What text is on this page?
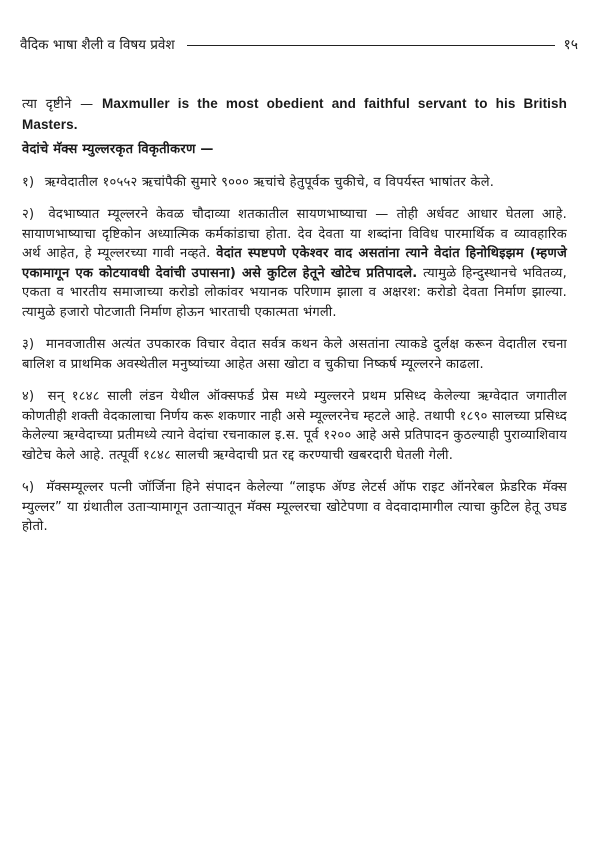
वैदिक भाषा शैली व विषय प्रवेश	१५

त्या दृष्टीने — Maxmuller is the most obedient and faithful servant to his British Masters.

वेदांचे मॅक्स म्युल्लरकृत विकृतीकरण —

१) ऋग्वेदातील १०५५२ ऋचांपैकी सुमारे ९००० ऋचांचे हेतुपूर्वक चुकीचे, व विपर्यस्त भाषांतर केले.

२) वेदभाष्यात म्यूल्लरने केवळ चौदाव्या शतकातील सायणभाष्याचा — तोही अर्धवट आधार घेतला आहे. सायाणभाष्याचा दृष्टिकोन अध्यात्मिक कर्मकांडाचा होता. देव देवता या शब्दांना विविध पारमार्थिक व व्यावहारिक अर्थ आहेत, हे म्यूल्लरच्या गावी नव्हते. वेदांत स्पष्टपणे एकेश्वर वाद असतांना त्याने वेदांत हिनोथिइझम (म्हणजे एकामागून एक कोटयावधी देवांची उपासना) असे कुटिल हेतूने खोटेच प्रतिपादले. त्यामुळे हिन्दुस्थानचे भवितव्य, एकता व भारतीय समाजाच्या करोडो लोकांवर भयानक परिणाम झाला व अक्षरश: करोडो देवता निर्माण झाल्या. त्यामुळे हजारो पोटजाती निर्माण होऊन भारताची एकात्मता भंगली.

३) मानवजातीस अत्यंत उपकारक विचार वेदात सर्वत्र कथन केले असतांना त्याकडे दुर्लक्ष करून वेदातील रचना बालिश व प्राथमिक अवस्थेतील मनुष्यांच्या आहेत असा खोटा व चुकीचा निष्कर्ष म्यूल्लरने काढला.

४) सन् १८४८ साली लंडन येथील ऑक्सफर्ड प्रेस मध्ये म्युल्लरने प्रथम प्रसिध्द केलेल्या ऋग्वेदात जगातील कोणतीही शक्ती वेदकालाचा निर्णय करू शकणार नाही असे म्यूल्लरनेच म्हटले आहे. तथापी १८९० सालच्या प्रसिध्द केलेल्या ऋग्वेदाच्या प्रतीमध्ये त्याने वेदांचा रचनाकाल इ.स. पूर्व १२०० आहे असे प्रतिपादन कुठल्याही पुराव्याशिवाय खोटेच केले आहे. तत्पूर्वी १८४८ सालची ऋग्वेदाची प्रत रद्द करण्याची खबरदारी घेतली गेली.

५) मॅक्सम्यूल्लर पत्नी जॉर्जिना हिने संपादन केलेल्या “लाइफ ॲण्ड लेटर्स ऑफ राइट ऑनरेबल फ्रेडरिक मॅक्स म्युल्लर” या ग्रंथातील उतार्‍यामागून उतार्‍यातून मॅक्स म्यूल्लरचा खोटेपणा व वेदवादामागील त्याचा कुटिल हेतू उघड होतो.
